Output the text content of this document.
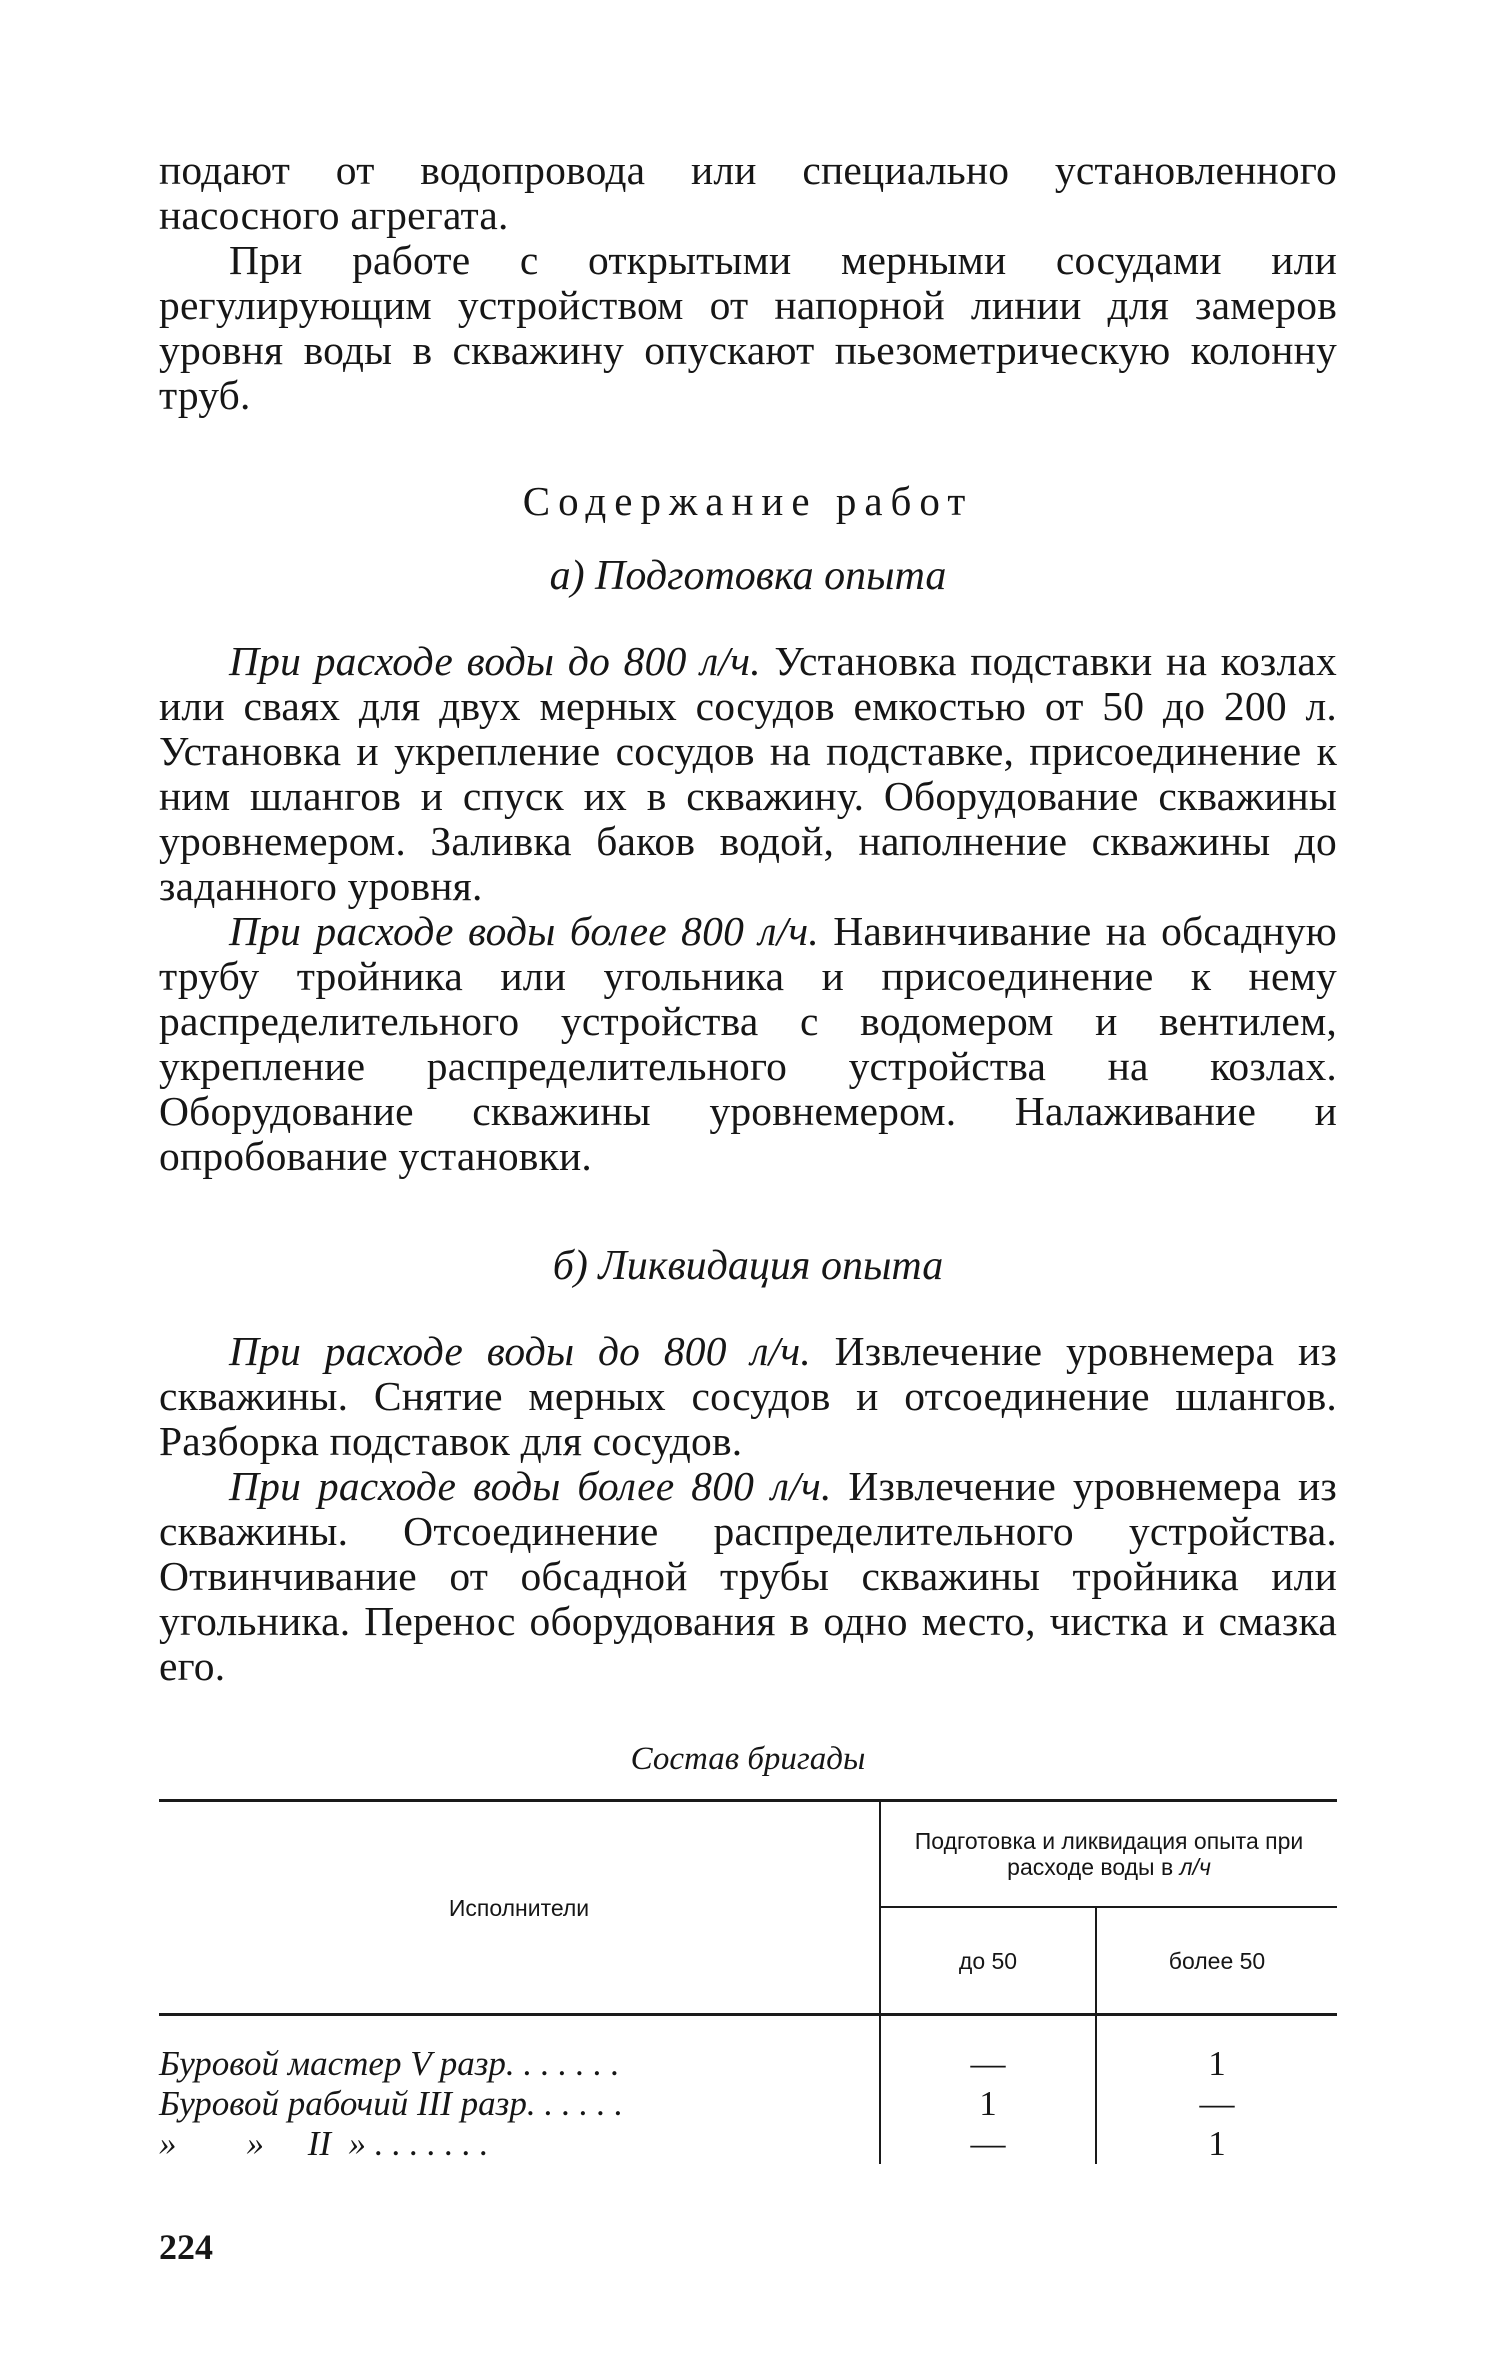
подают от водопровода или специально установленного насосного агрегата.

При работе с открытыми мерными сосудами или регулирующим устройством от напорной линии для замеров уровня воды в скважину опускают пьезометрическую колонну труб.

Содержание работ
а) Подготовка опыта

При расходе воды до 800 л/ч. Установка подставки на козлах или сваях для двух мерных сосудов емкостью от 50 до 200 л. Установка и укрепление сосудов на подставке, присоединение к ним шлангов и спуск их в скважину. Оборудование скважины уровнемером. Заливка баков водой, наполнение скважины до заданного уровня.

При расходе воды более 800 л/ч. Навинчивание на обсадную трубу тройника или угольника и присоединение к нему распределительного устройства с водомером и вентилем, укрепление распределительного устройства на козлах. Оборудование скважины уровнемером. Налаживание и опробование установки.

б) Ликвидация опыта

При расходе воды до 800 л/ч. Извлечение уровнемера из скважины. Снятие мерных сосудов и отсоединение шлангов. Разборка подставок для сосудов.

При расходе воды более 800 л/ч. Извлечение уровнемера из скважины. Отсоединение распределительного устройства. Отвинчивание от обсадной трубы скважины тройника или угольника. Перенос оборудования в одно место, чистка и смазка его.

Состав бригады
Исполнители	Подготовка и ликвидация опыта при расходе воды в л/ч	
	до 50	более 50
Буровой мастер V разр. . . . . . .	—	1
Буровой рабочий III разр. . . . . .	1	—
»        »     II  » . . . . . . .	—	1
224
